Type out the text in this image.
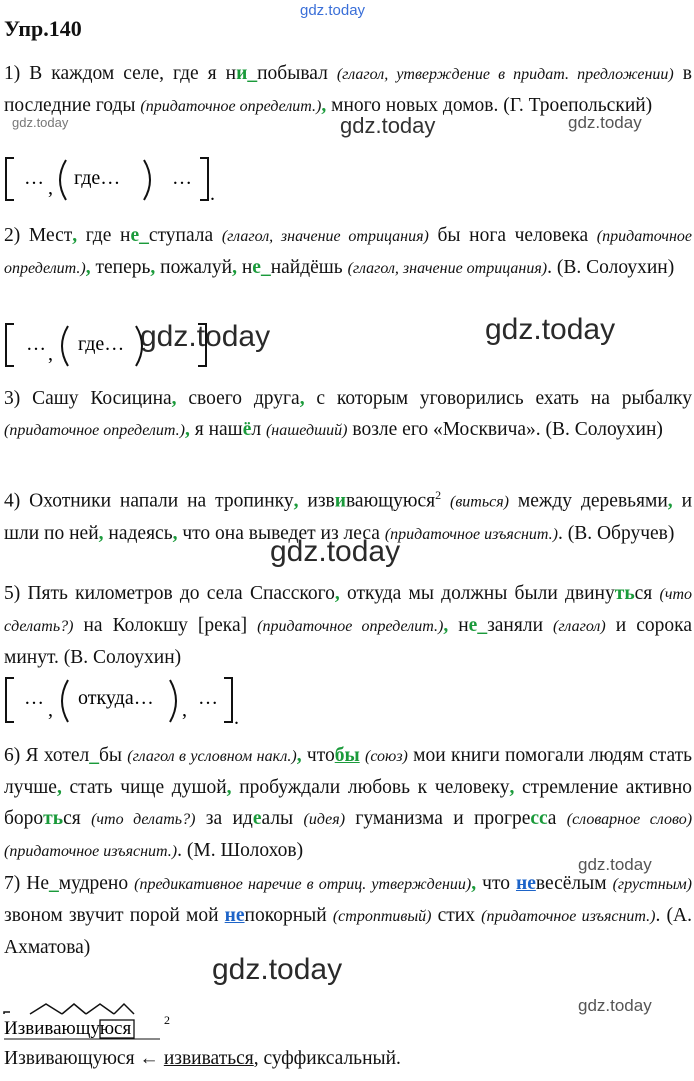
gdz.today
gdz.today	gdz.today	gdz.today
gdz.today	gdz.today
gdz.today
gdz.today
gdz.today
gdz.today
Упр.140
1) В каждом селе, где я ни_побывал (глагол, утверждение в придат. предложении) в последние годы (придаточное определит.), много новых домов. (Г. Троепольский)
… , где…	…
.
2) Мест, где не_ступала (глагол, значение отрицания) бы нога человека (придаточное определит.), теперь, пожалуй, не_найдёшь (глагол, значение отрицания). (В. Солоухин)
… , где…
3) Сашу Косицина, своего друга, с которым уговорились ехать на рыбалку (придаточное определит.), я нашёл (нашедший) возле его «Москвича». (В. Солоухин)
4) Охотники напали на тропинку, извивающуюся$^2$ (виться) между деревьями, и шли по ней, надеясь, что она выведет из леса (придаточное изъяснит.). (В. Обручев)
5) Пять километров до села Спасского, откуда мы должны были двинуться (что сделать?) на Колокшу [река] (придаточное определит.), не_заняли (глагол) и сорока минут. (В. Солоухин)
…
,
откуда…
,
…
.
6) Я хотел_бы (глагол в условном накл.), чтобы (союз) мои книги помогали людям стать лучше, стать чище душой, пробуждали любовь к человеку, стремление активно бороться (что делать?) за идеалы (идея) гуманизма и прогресса (словарное слово) (придаточное изъяснит.). (М. Шолохов)
7) Не_мудрено (предикативное наречие в отриц. утверждении), что невесёлым (грустным) звоном звучит порой мой непокорный (строптивый) стих (придаточное изъяснит.). (А. Ахматова)
Извивающуюся	2
Извивающуюся ← извиваться, суффиксальный.
